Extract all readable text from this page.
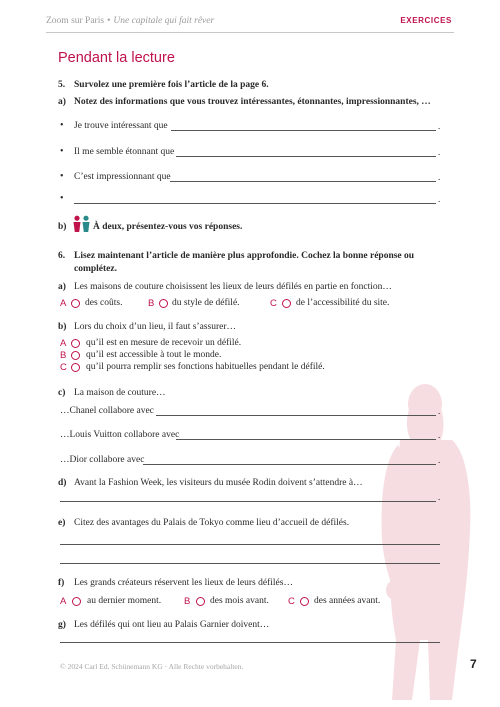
Zoom sur Paris • Une capitale qui fait rêver	EXERCICES
Pendant la lecture
5. Survolez une première fois l’article de la page 6.
a) Notez des informations que vous trouvez intéressantes, étonnantes, impressionnantes, …
• Je trouve intéressant que	.
• Il me semble étonnant que	.
• C’est impressionnant que	.
•	.
b)	À deux, présentez-vous vos réponses.
6. Lisez maintenant l’article de manière plus approfondie. Cochez la bonne réponse ou
complétez.
a) Les maisons de couture choisissent les lieux de leurs défilés en partie en fonction…
A des coûts.	B du style de défilé.	C de l’accessibilité du site.
b) Lors du choix d’un lieu, il faut s’assurer…
A qu’il est en mesure de recevoir un défilé.
B qu’il est accessible à tout le monde.
C qu’il pourra remplir ses fonctions habituelles pendant le défilé.
c) La maison de couture…
…Chanel collabore avec	.
…Louis Vuitton collabore avec	.
…Dior collabore avec	.
d) Avant la Fashion Week, les visiteurs du musée Rodin doivent s’attendre à…
.
e) Citez des avantages du Palais de Tokyo comme lieu d’accueil de défilés.
f) Les grands créateurs réservent les lieux de leurs défilés…
A au dernier moment. B des mois avant. C des années avant.
g) Les défilés qui ont lieu au Palais Garnier doivent…
© 2024 Carl Ed. Schünemann KG · Alle Rechte vorbehalten.	7
